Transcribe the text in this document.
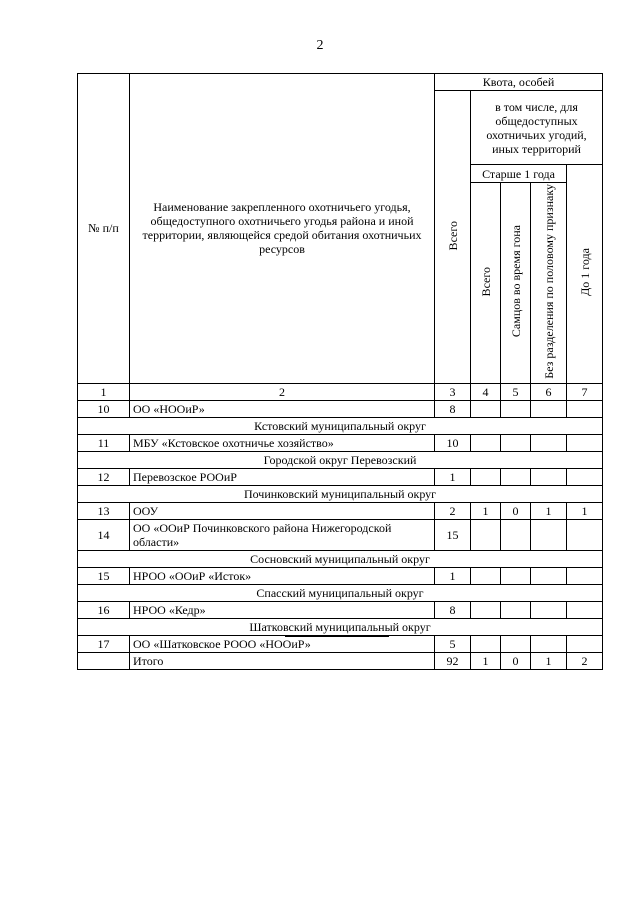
2
№ п/п	Наименование закрепленного охотничьего угодья, общедоступного охотничьего угодья района и иной территории, являющейся средой обитания охотничьих ресурсов	Квота, особей				
		Всего	в том числе, для общедоступных охотничьих угодий, иных территорий			
			Старше 1 года			До 1 года
			Всего	Самцов во время гона	Без разделения по половому признаку	

1	2	3	4	5	6	7
10	ОО «НООиР»	8				
Кстовский муниципальный округ						
11	МБУ «Кстовское охотничье хозяйство»	10				
Городской округ Перевозский						
12	Перевозское РООиР	1				
Починковский муниципальный округ						
13	ООУ	2	1	0	1	1
14	ОО «ООиР Починковского района Нижегородской области»	15				
Сосновский муниципальный округ						
15	НРОО «ООиР «Исток»	1				
Спасский муниципальный округ						
16	НРОО «Кедр»	8				
Шатковский муниципальный округ						
17	ОО «Шатковское РООО «НООиР»	5				
	Итого	92	1	0	1	2
